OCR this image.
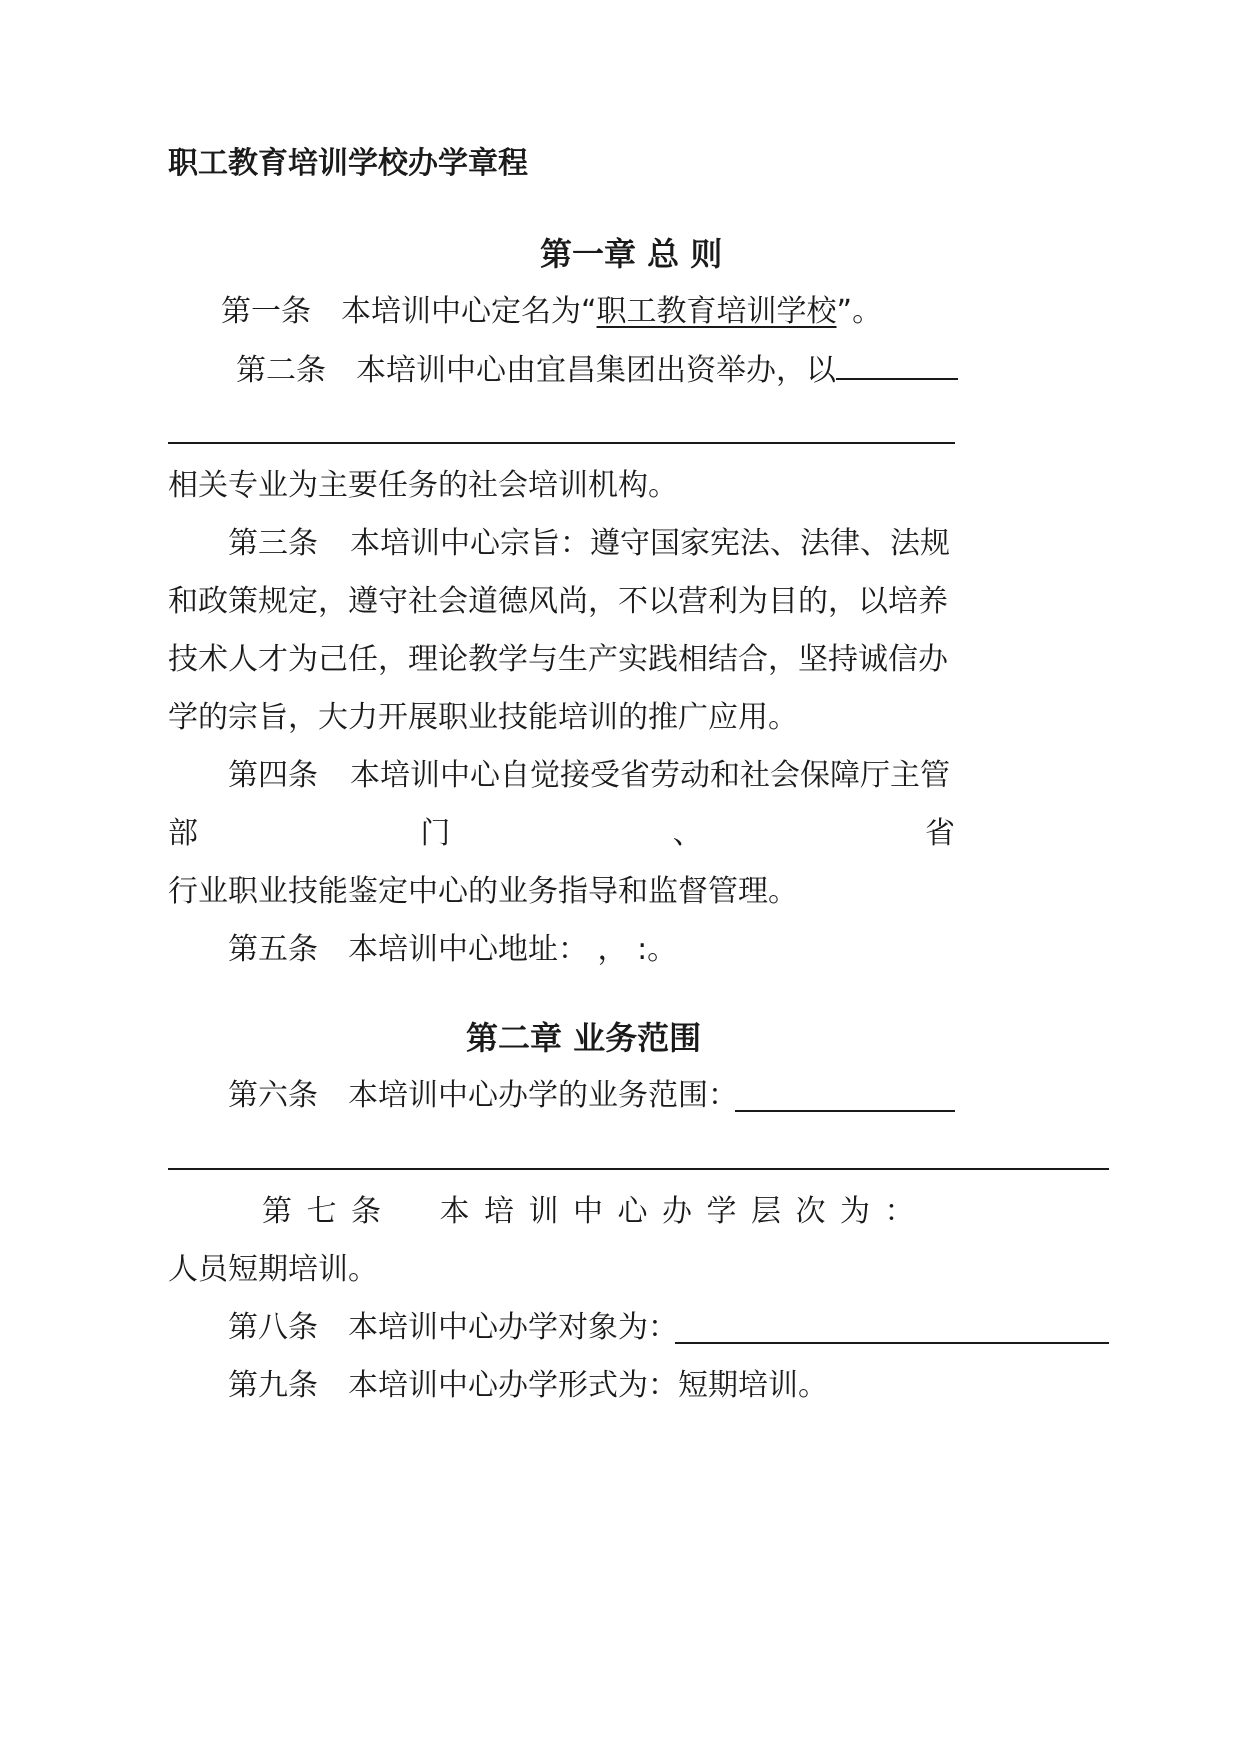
职工教育培训学校办学章程
第一章 总 则
第一条 本培训中心定名为“职工教育培训学校”。
第二条 本培训中心由宜昌集团出资举办，以
相关专业为主要任务的社会培训机构。
第三条 本培训中心宗旨：遵守国家宪法、法律、法规
和政策规定，遵守社会道德风尚，不以营利为目的，以培养
技术人才为己任，理论教学与生产实践相结合，坚持诚信办
学的宗旨，大力开展职业技能培训的推广应用。
第四条 本培训中心自觉接受省劳动和社会保障厅主管
部	门	、	省
行业职业技能鉴定中心的业务指导和监督管理。
第五条 本培训中心地址： ， :。
第二章 业务范围
第六条 本培训中心办学的业务范围：
第七条 本培训中心办学层次为：
人员短期培训。
第八条 本培训中心办学对象为：
第九条 本培训中心办学形式为：短期培训。
